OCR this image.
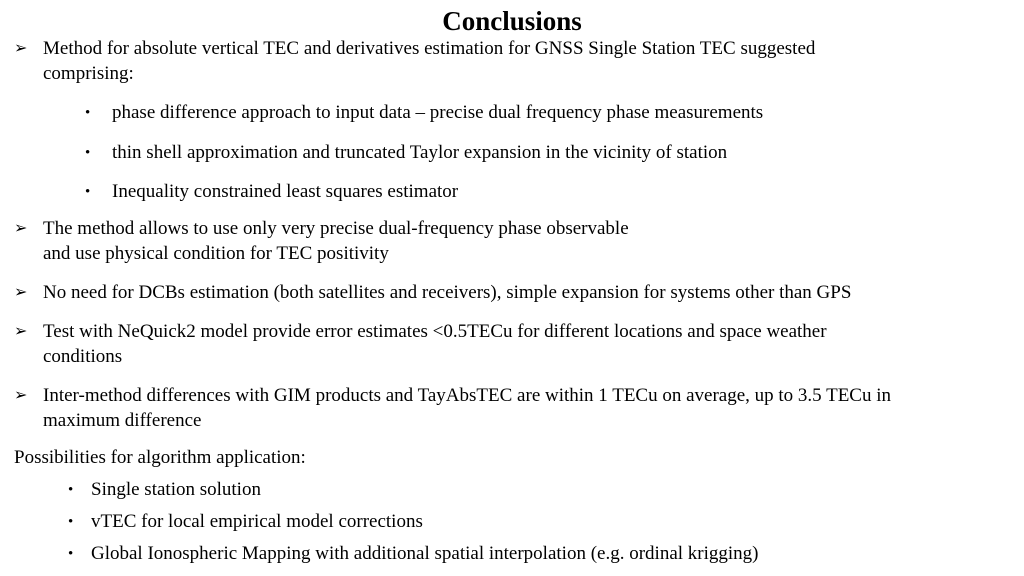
Conclusions
➢ Method for absolute vertical TEC and derivatives estimation for GNSS Single Station TEC suggested
comprising:
• phase difference approach to input data – precise dual frequency phase measurements
• thin shell approximation and truncated Taylor expansion in the vicinity of station
• Inequality constrained least squares estimator
➢ The method allows to use only very precise dual-frequency phase observable
and use physical condition for TEC positivity
➢ No need for DCBs estimation (both satellites and receivers), simple expansion for systems other than GPS
➢ Test with NeQuick2 model provide error estimates <0.5TECu for different locations and space weather
conditions
➢ Inter-method differences with GIM products and TayAbsTEC are within 1 TECu on average, up to 3.5 TECu in
maximum difference
Possibilities for algorithm application:
• Single station solution
• vTEC for local empirical model corrections
• Global Ionospheric Mapping with additional spatial interpolation (e.g. ordinal krigging)
